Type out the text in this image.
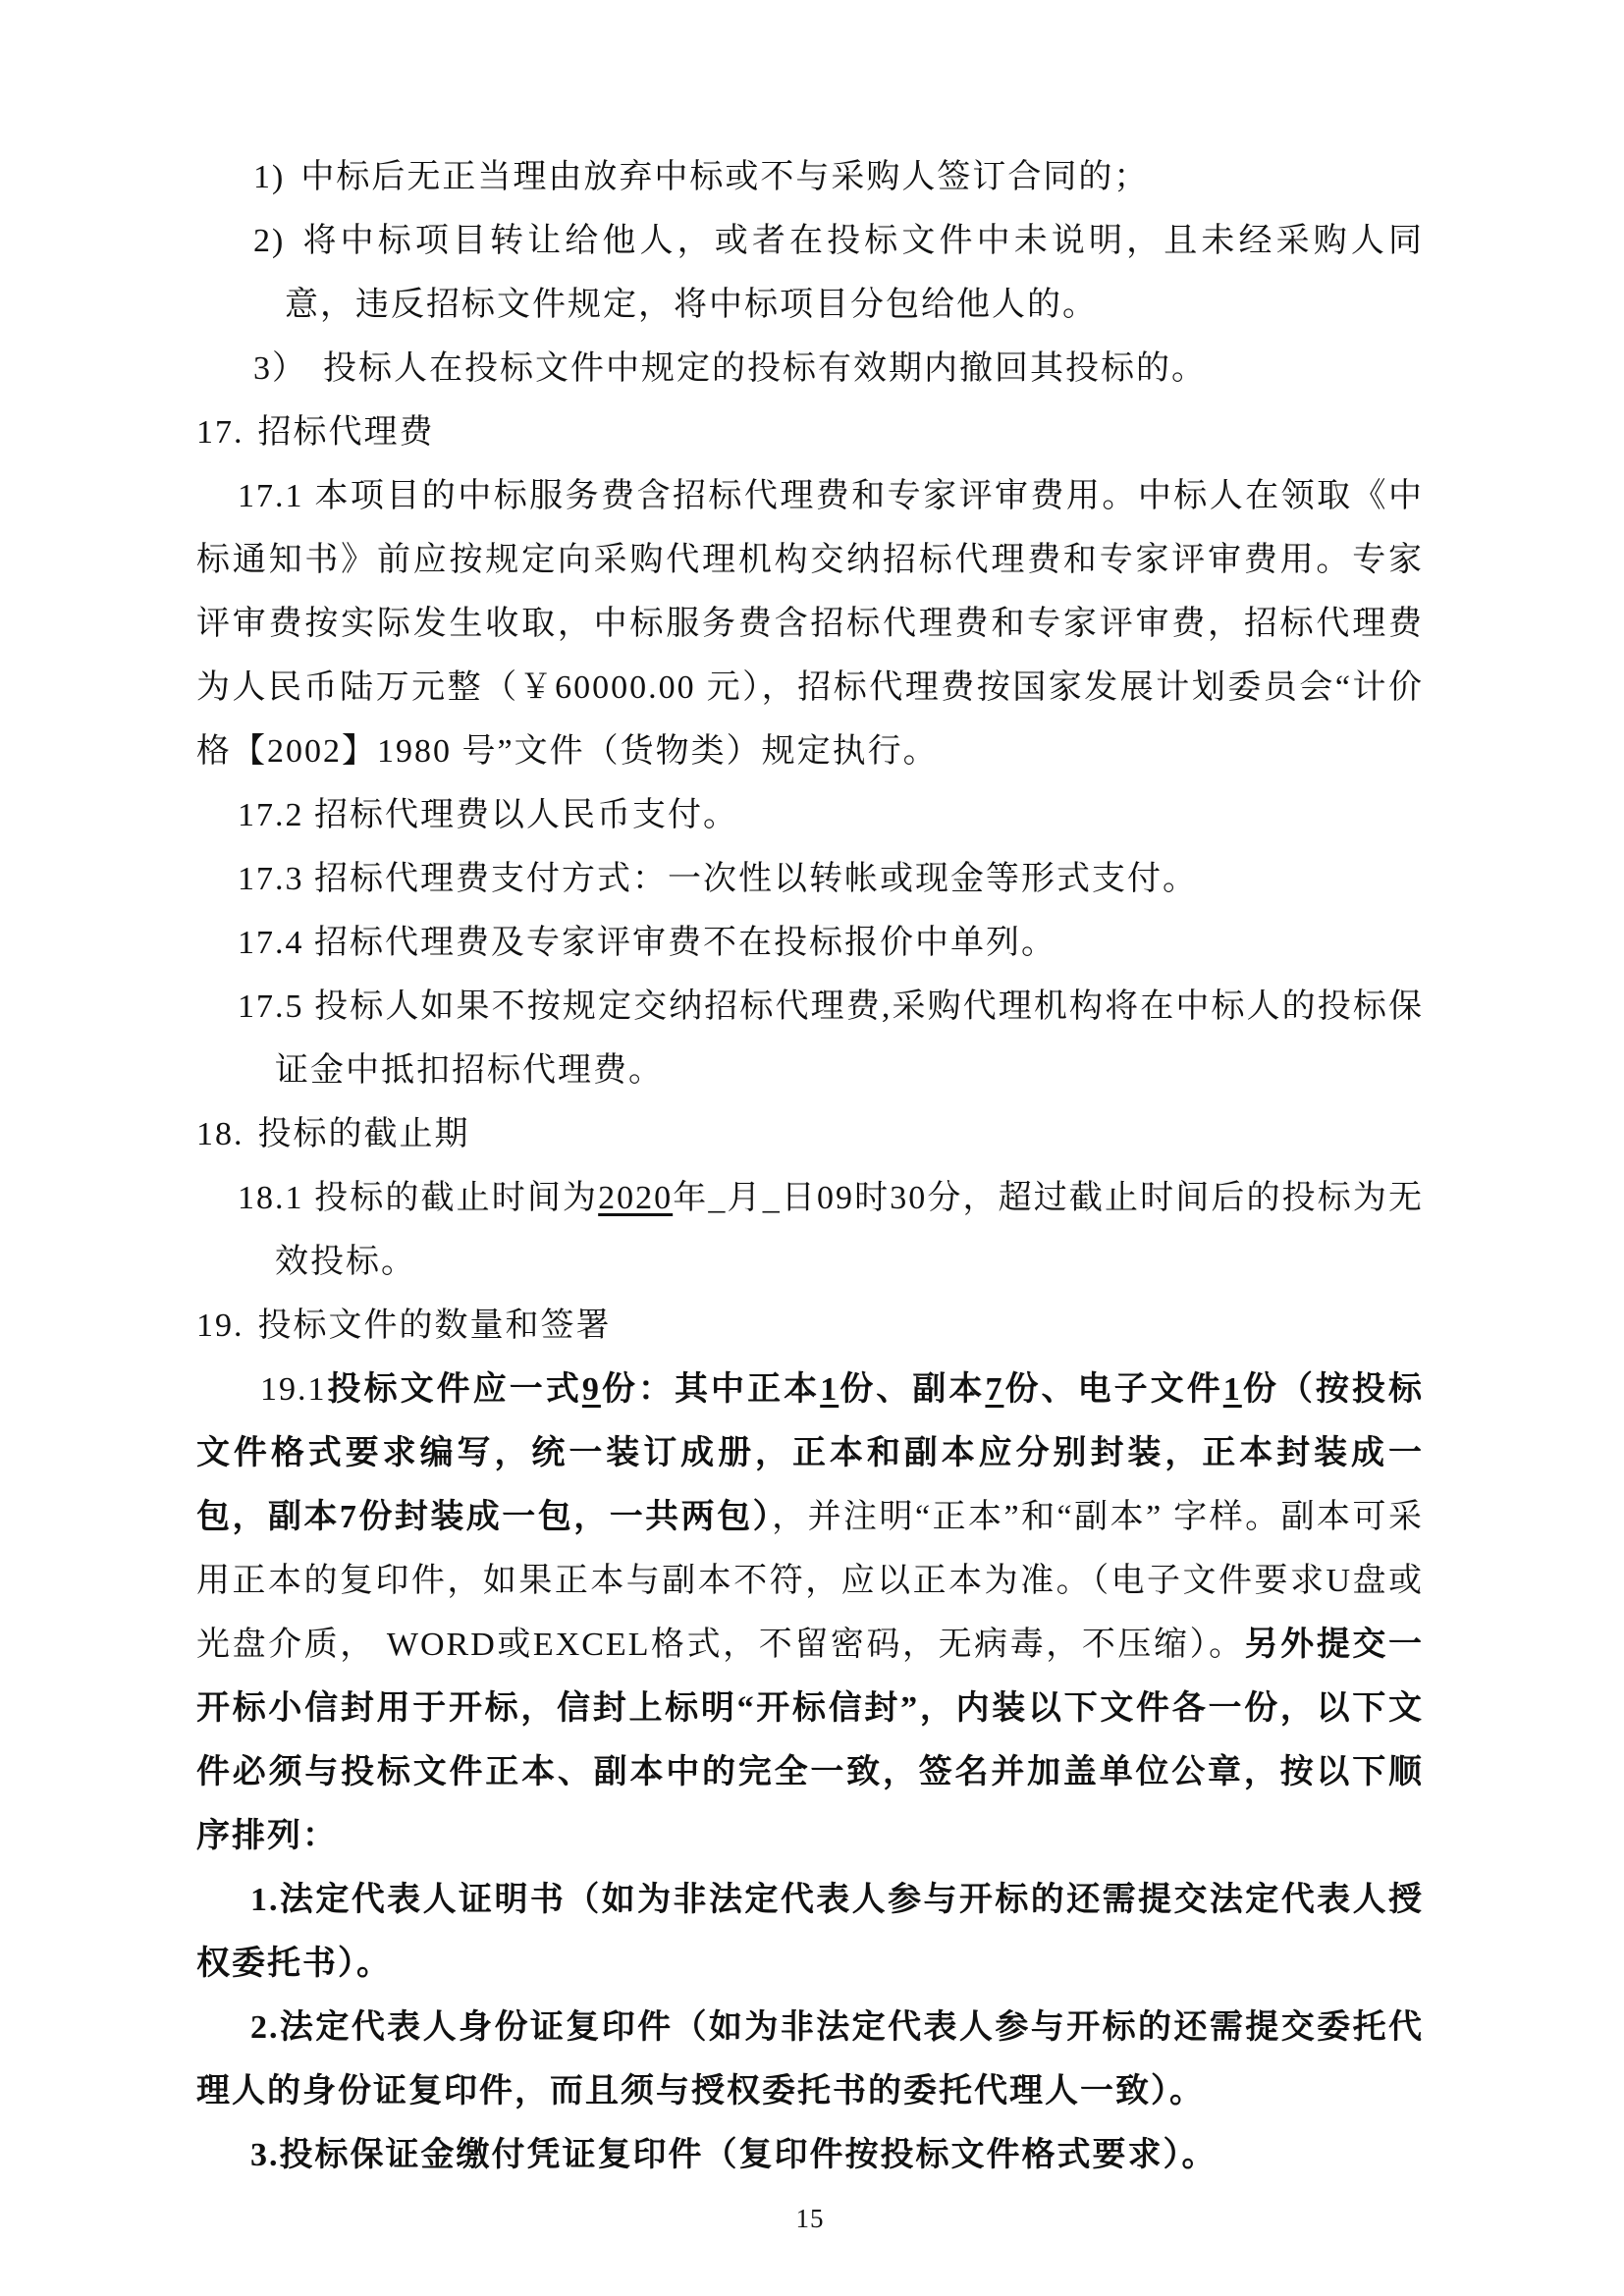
1) 中标后无正当理由放弃中标或不与采购人签订合同的；

2) 将中标项目转让给他人，或者在投标文件中未说明，且未经采购人同意，违反招标文件规定，将中标项目分包给他人的。

3） 投标人在投标文件中规定的投标有效期内撤回其投标的。

17. 招标代理费

17.1 本项目的中标服务费含招标代理费和专家评审费用。中标人在领取《中标通知书》前应按规定向采购代理机构交纳招标代理费和专家评审费用。专家评审费按实际发生收取，中标服务费含招标代理费和专家评审费，招标代理费为人民币陆万元整（￥60000.00 元），招标代理费按国家发展计划委员会“计价格【2002】1980 号”文件（货物类）规定执行。

17.2 招标代理费以人民币支付。

17.3 招标代理费支付方式：一次性以转帐或现金等形式支付。

17.4 招标代理费及专家评审费不在投标报价中单列。

17.5 投标人如果不按规定交纳招标代理费,采购代理机构将在中标人的投标保证金中抵扣招标代理费。

18. 投标的截止期

18.1 投标的截止时间为2020年_月_日09时30分，超过截止时间后的投标为无效投标。

19. 投标文件的数量和签署

19.1投标文件应一式9份：其中正本1份、副本7份、电子文件1份（按投标文件格式要求编写，统一装订成册，正本和副本应分别封装，正本封装成一包，副本7份封装成一包，一共两包），并注明“正本”和“副本” 字样。副本可采用正本的复印件，如果正本与副本不符，应以正本为准。（电子文件要求U盘或光盘介质， WORD或EXCEL格式，不留密码，无病毒，不压缩）。另外提交一开标小信封用于开标，信封上标明“开标信封”，内装以下文件各一份，以下文件必须与投标文件正本、副本中的完全一致，签名并加盖单位公章，按以下顺序排列：

1.法定代表人证明书（如为非法定代表人参与开标的还需提交法定代表人授权委托书）。

2.法定代表人身份证复印件（如为非法定代表人参与开标的还需提交委托代理人的身份证复印件，而且须与授权委托书的委托代理人一致）。

3.投标保证金缴付凭证复印件（复印件按投标文件格式要求）。

15
